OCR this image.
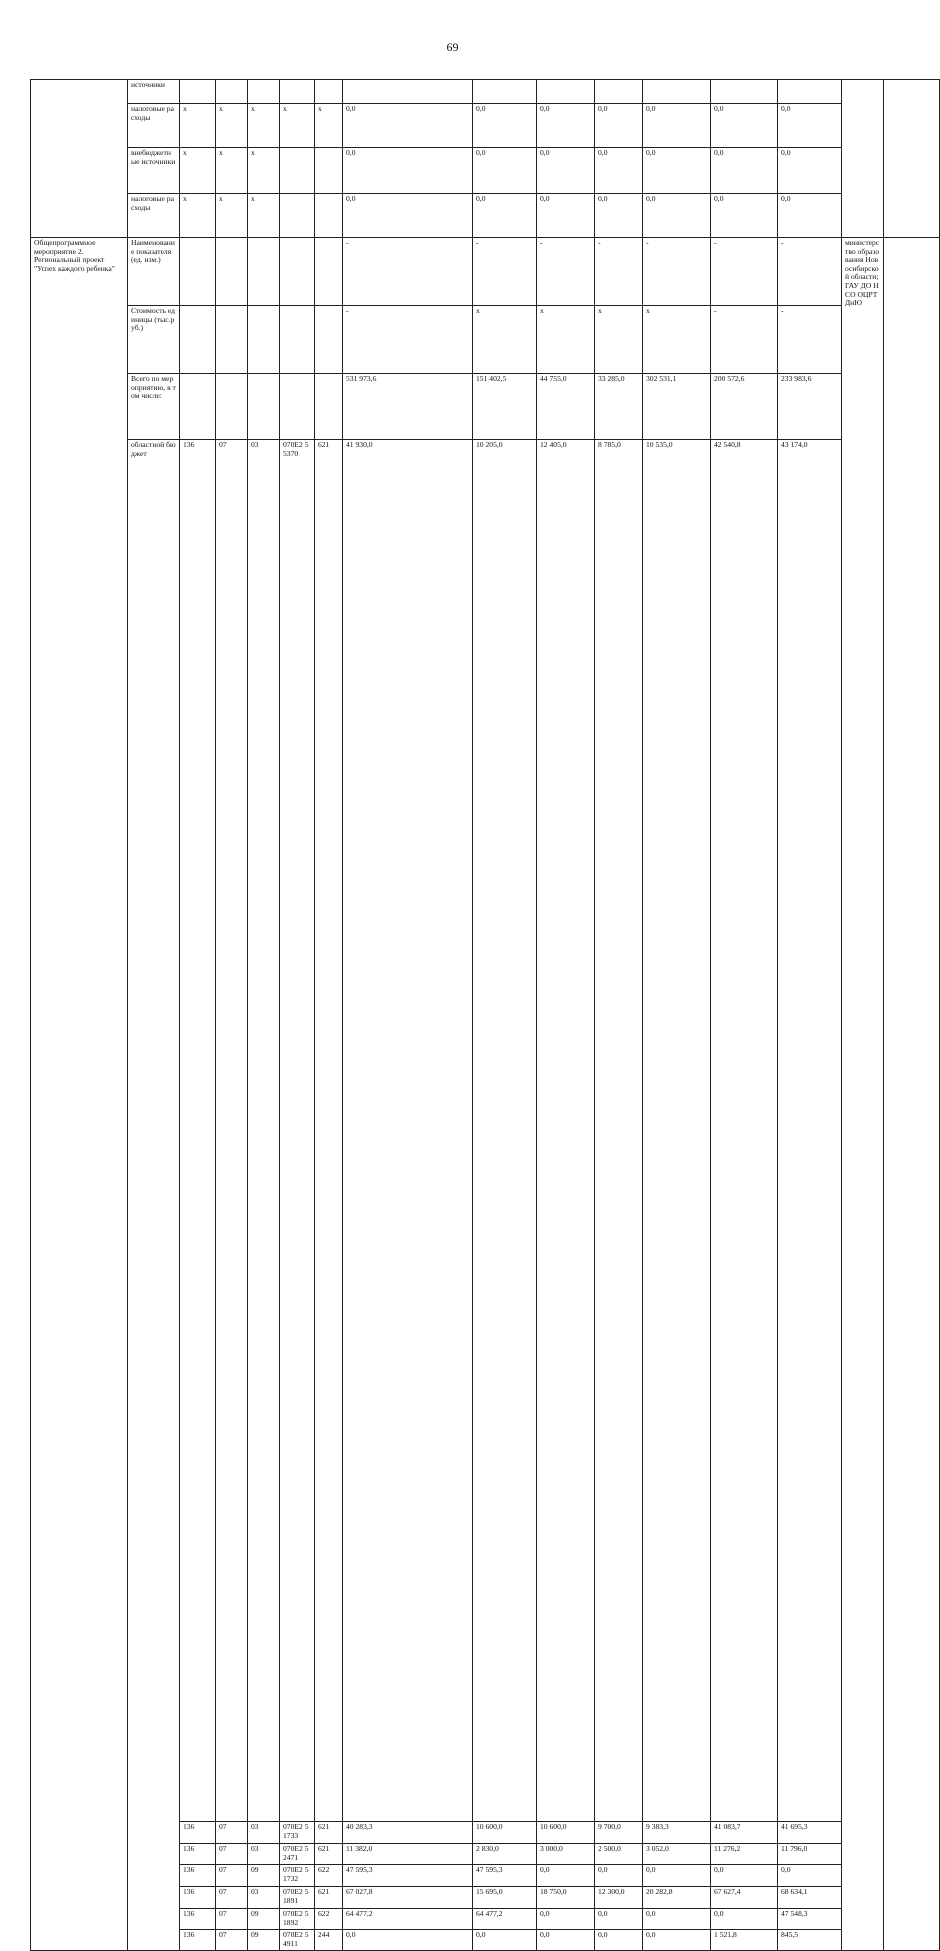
69
	источники															
	налоговые расходы	х	х	х	х	х	0,0	0,0	0,0	0,0	0,0	0,0	0,0			
	внебюджетные источники	х	х	х			0,0	0,0	0,0	0,0	0,0	0,0	0,0			
	налоговые расходы	х	х	х			0,0	0,0	0,0	0,0	0,0	0,0	0,0			
Общепрограммное мероприятие 2. Региональный проект "Успех каждого ребенка"	Наименование показателя (ед. изм.)						-	-	-	-	-	-	-	министерство образования Новосибирской области; ГАУ ДО НСО ОЦРТДиЮ		
	Стоимость единицы (тыс.руб.)						-	х	х	х	х	-	-			
	Всего по мероприятию, в том числе:						531 973,6	151 402,5	44 755,0	33 285,0	302 531,1	200 572,6	233 983,6			
	областной бюджет	136	07	03	070Е2 55370	621	41 930,0	10 205,0	12 405,0	8 785,0	10 535,0	42 540,8	43 174,0			
		136	07	03	070Е2 51733	621	40 283,3	10 600,0	10 600,0	9 700,0	9 383,3	41 083,7	41 695,3			
		136	07	03	070Е2 52471	621	11 382,0	2 830,0	3 000,0	2 500,0	3 052,0	11 276,2	11 796,0			
		136	07	09	070Е2 51732	622	47 595,3	47 595,3	0,0	0,0	0,0	0,0	0,0			
		136	07	03	070Е2 51891	621	67 027,8	15 695,0	18 750,0	12 300,0	20 282,8	67 627,4	68 634,1			
		136	07	09	070Е2 51892	622	64 477,2	64 477,2	0,0	0,0	0,0	0,0	47 548,3			
		136	07	09	070Е2 54911	244	0,0	0,0	0,0	0,0	0,0	1 521,8	845,5			
